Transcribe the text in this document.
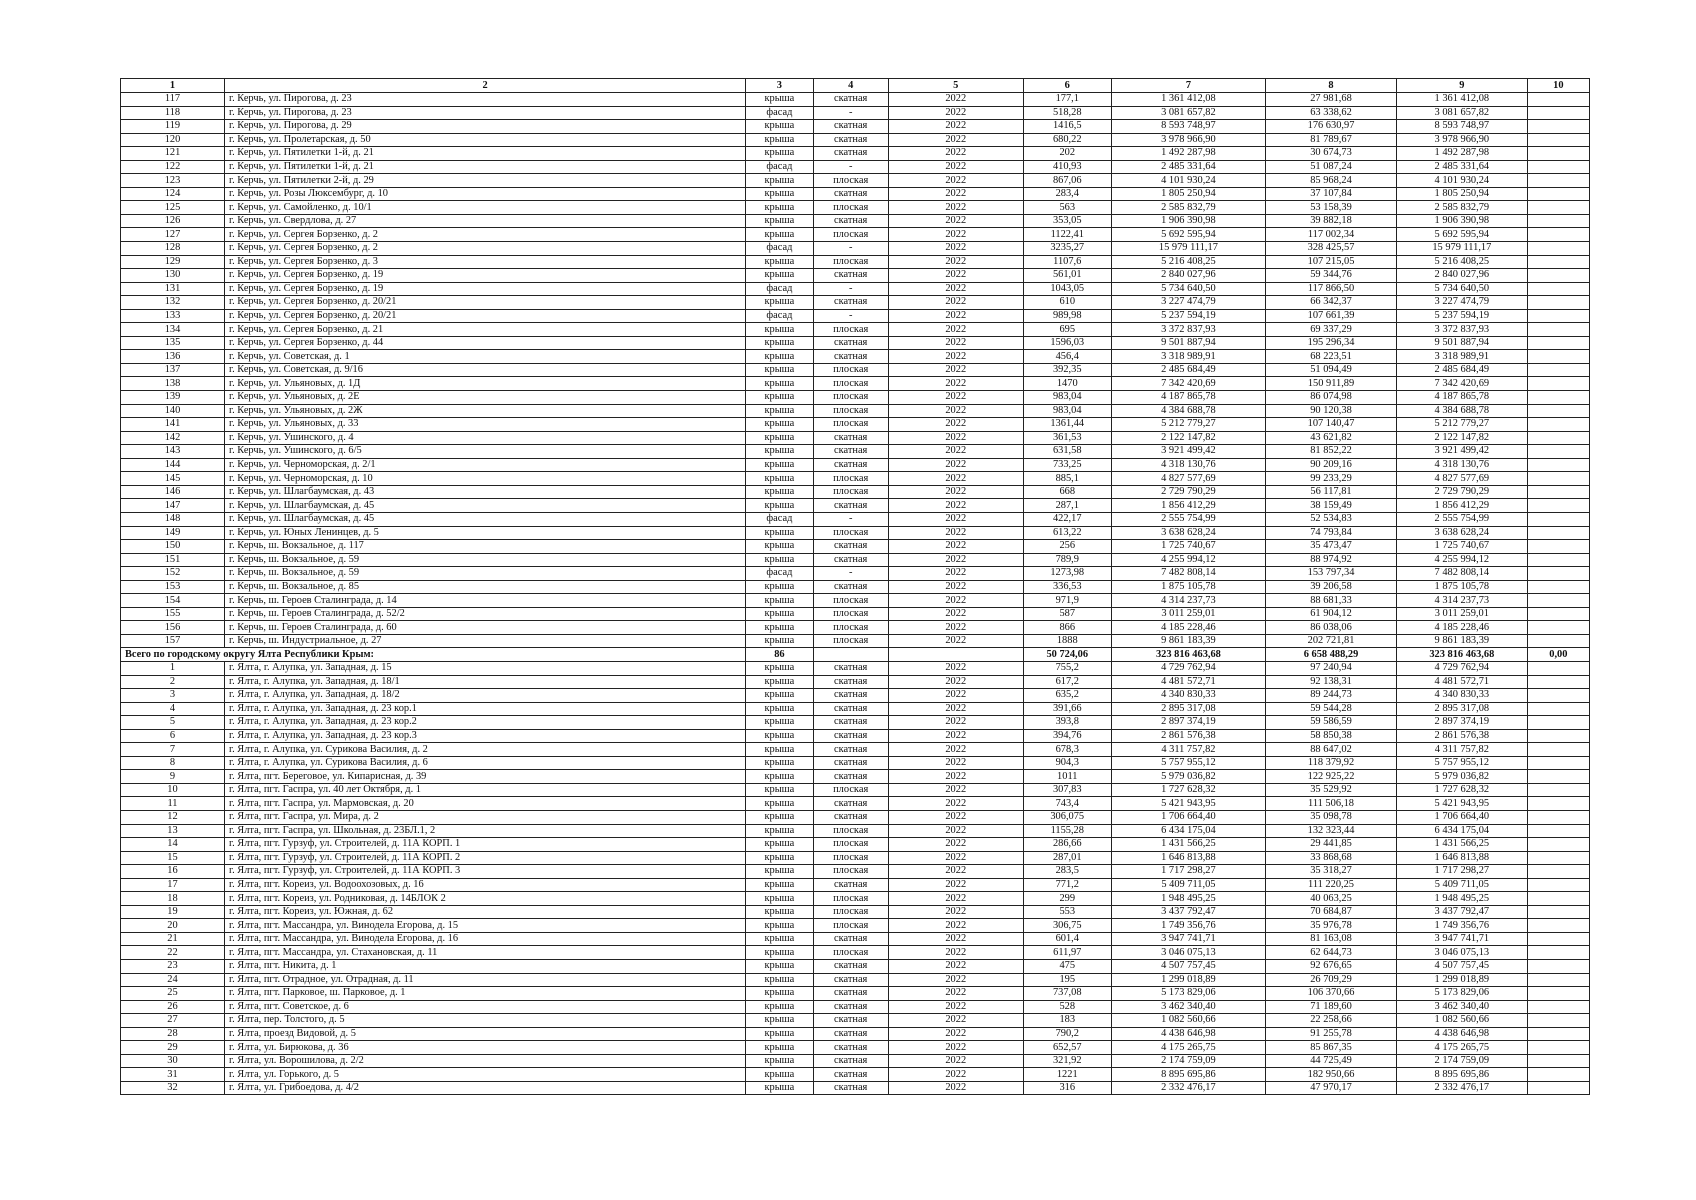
1	2	3	4	5	6	7	8	9	10
117	г. Керчь, ул. Пирогова, д. 23	крыша	скатная	2022	177,1	1 361 412,08	27 981,68	1 361 412,08	
118	г. Керчь, ул. Пирогова, д. 23	фасад	-	2022	518,28	3 081 657,82	63 338,62	3 081 657,82	
119	г. Керчь, ул. Пирогова, д. 29	крыша	скатная	2022	1416,5	8 593 748,97	176 630,97	8 593 748,97	
120	г. Керчь, ул. Пролетарская, д. 50	крыша	скатная	2022	680,22	3 978 966,90	81 789,67	3 978 966,90	
121	г. Керчь, ул. Пятилетки 1-й, д. 21	крыша	скатная	2022	202	1 492 287,98	30 674,73	1 492 287,98	
122	г. Керчь, ул. Пятилетки 1-й, д. 21	фасад	-	2022	410,93	2 485 331,64	51 087,24	2 485 331,64	
123	г. Керчь, ул. Пятилетки 2-й, д. 29	крыша	плоская	2022	867,06	4 101 930,24	85 968,24	4 101 930,24	
124	г. Керчь, ул. Розы Люксембург, д. 10	крыша	скатная	2022	283,4	1 805 250,94	37 107,84	1 805 250,94	
125	г. Керчь, ул. Самойленко, д. 10/1	крыша	плоская	2022	563	2 585 832,79	53 158,39	2 585 832,79	
126	г. Керчь, ул. Свердлова, д. 27	крыша	скатная	2022	353,05	1 906 390,98	39 882,18	1 906 390,98	
127	г. Керчь, ул. Сергея Борзенко, д. 2	крыша	плоская	2022	1122,41	5 692 595,94	117 002,34	5 692 595,94	
128	г. Керчь, ул. Сергея Борзенко, д. 2	фасад	-	2022	3235,27	15 979 111,17	328 425,57	15 979 111,17	
129	г. Керчь, ул. Сергея Борзенко, д. 3	крыша	плоская	2022	1107,6	5 216 408,25	107 215,05	5 216 408,25	
130	г. Керчь, ул. Сергея Борзенко, д. 19	крыша	скатная	2022	561,01	2 840 027,96	59 344,76	2 840 027,96	
131	г. Керчь, ул. Сергея Борзенко, д. 19	фасад	-	2022	1043,05	5 734 640,50	117 866,50	5 734 640,50	
132	г. Керчь, ул. Сергея Борзенко, д. 20/21	крыша	скатная	2022	610	3 227 474,79	66 342,37	3 227 474,79	
133	г. Керчь, ул. Сергея Борзенко, д. 20/21	фасад	-	2022	989,98	5 237 594,19	107 661,39	5 237 594,19	
134	г. Керчь, ул. Сергея Борзенко, д. 21	крыша	плоская	2022	695	3 372 837,93	69 337,29	3 372 837,93	
135	г. Керчь, ул. Сергея Борзенко, д. 44	крыша	скатная	2022	1596,03	9 501 887,94	195 296,34	9 501 887,94	
136	г. Керчь, ул. Советская, д. 1	крыша	скатная	2022	456,4	3 318 989,91	68 223,51	3 318 989,91	
137	г. Керчь, ул. Советская, д. 9/16	крыша	плоская	2022	392,35	2 485 684,49	51 094,49	2 485 684,49	
138	г. Керчь, ул. Ульяновых, д. 1Д	крыша	плоская	2022	1470	7 342 420,69	150 911,89	7 342 420,69	
139	г. Керчь, ул. Ульяновых, д. 2Е	крыша	плоская	2022	983,04	4 187 865,78	86 074,98	4 187 865,78	
140	г. Керчь, ул. Ульяновых, д. 2Ж	крыша	плоская	2022	983,04	4 384 688,78	90 120,38	4 384 688,78	
141	г. Керчь, ул. Ульяновых, д. 33	крыша	плоская	2022	1361,44	5 212 779,27	107 140,47	5 212 779,27	
142	г. Керчь, ул. Ушинского, д. 4	крыша	скатная	2022	361,53	2 122 147,82	43 621,82	2 122 147,82	
143	г. Керчь, ул. Ушинского, д. 6/5	крыша	скатная	2022	631,58	3 921 499,42	81 852,22	3 921 499,42	
144	г. Керчь, ул. Черноморская, д. 2/1	крыша	скатная	2022	733,25	4 318 130,76	90 209,16	4 318 130,76	
145	г. Керчь, ул. Черноморская, д. 10	крыша	плоская	2022	885,1	4 827 577,69	99 233,29	4 827 577,69	
146	г. Керчь, ул. Шлагбаумская, д. 43	крыша	плоская	2022	668	2 729 790,29	56 117,81	2 729 790,29	
147	г. Керчь, ул. Шлагбаумская, д. 45	крыша	скатная	2022	287,1	1 856 412,29	38 159,49	1 856 412,29	
148	г. Керчь, ул. Шлагбаумская, д. 45	фасад	-	2022	422,17	2 555 754,99	52 534,83	2 555 754,99	
149	г. Керчь, ул. Юных Ленинцев, д. 5	крыша	плоская	2022	613,22	3 638 628,24	74 793,84	3 638 628,24	
150	г. Керчь, ш. Вокзальное, д. 117	крыша	скатная	2022	256	1 725 740,67	35 473,47	1 725 740,67	
151	г. Керчь, ш. Вокзальное, д. 59	крыша	скатная	2022	789,9	4 255 994,12	88 974,92	4 255 994,12	
152	г. Керчь, ш. Вокзальное, д. 59	фасад	-	2022	1273,98	7 482 808,14	153 797,34	7 482 808,14	
153	г. Керчь, ш. Вокзальное, д. 85	крыша	скатная	2022	336,53	1 875 105,78	39 206,58	1 875 105,78	
154	г. Керчь, ш. Героев Сталинграда, д. 14	крыша	плоская	2022	971,9	4 314 237,73	88 681,33	4 314 237,73	
155	г. Керчь, ш. Героев Сталинграда, д. 52/2	крыша	плоская	2022	587	3 011 259,01	61 904,12	3 011 259,01	
156	г. Керчь, ш. Героев Сталинграда, д. 60	крыша	плоская	2022	866	4 185 228,46	86 038,06	4 185 228,46	
157	г. Керчь, ш. Индустриальное, д. 27	крыша	плоская	2022	1888	9 861 183,39	202 721,81	9 861 183,39	
Всего по городскому округу Ялта Республики Крым:		86			50 724,06	323 816 463,68	6 658 488,29	323 816 463,68	0,00
1	г. Ялта, г. Алупка, ул. Западная, д. 15	крыша	скатная	2022	755,2	4 729 762,94	97 240,94	4 729 762,94	
2	г. Ялта, г. Алупка, ул. Западная, д. 18/1	крыша	скатная	2022	617,2	4 481 572,71	92 138,31	4 481 572,71	
3	г. Ялта, г. Алупка, ул. Западная, д. 18/2	крыша	скатная	2022	635,2	4 340 830,33	89 244,73	4 340 830,33	
4	г. Ялта, г. Алупка, ул. Западная, д. 23 кор.1	крыша	скатная	2022	391,66	2 895 317,08	59 544,28	2 895 317,08	
5	г. Ялта, г. Алупка, ул. Западная, д. 23 кор.2	крыша	скатная	2022	393,8	2 897 374,19	59 586,59	2 897 374,19	
6	г. Ялта, г. Алупка, ул. Западная, д. 23 кор.3	крыша	скатная	2022	394,76	2 861 576,38	58 850,38	2 861 576,38	
7	г. Ялта, г. Алупка, ул. Сурикова Василия, д. 2	крыша	скатная	2022	678,3	4 311 757,82	88 647,02	4 311 757,82	
8	г. Ялта, г. Алупка, ул. Сурикова Василия, д. 6	крыша	скатная	2022	904,3	5 757 955,12	118 379,92	5 757 955,12	
9	г. Ялта, пгт. Береговое, ул. Кипарисная, д. 39	крыша	скатная	2022	1011	5 979 036,82	122 925,22	5 979 036,82	
10	г. Ялта, пгт. Гаспра, ул. 40 лет Октября, д. 1	крыша	плоская	2022	307,83	1 727 628,32	35 529,92	1 727 628,32	
11	г. Ялта, пгт. Гаспра, ул. Мармовская, д. 20	крыша	скатная	2022	743,4	5 421 943,95	111 506,18	5 421 943,95	
12	г. Ялта, пгт. Гаспра, ул. Мира, д. 2	крыша	скатная	2022	306,075	1 706 664,40	35 098,78	1 706 664,40	
13	г. Ялта, пгт. Гаспра, ул. Школьная, д. 23БЛ.1, 2	крыша	плоская	2022	1155,28	6 434 175,04	132 323,44	6 434 175,04	
14	г. Ялта, пгт. Гурзуф, ул. Строителей, д. 11А КОРП. 1	крыша	плоская	2022	286,66	1 431 566,25	29 441,85	1 431 566,25	
15	г. Ялта, пгт. Гурзуф, ул. Строителей, д. 11А КОРП. 2	крыша	плоская	2022	287,01	1 646 813,88	33 868,68	1 646 813,88	
16	г. Ялта, пгт. Гурзуф, ул. Строителей, д. 11А КОРП. 3	крыша	плоская	2022	283,5	1 717 298,27	35 318,27	1 717 298,27	
17	г. Ялта, пгт. Кореиз, ул. Водоохозовых, д. 16	крыша	скатная	2022	771,2	5 409 711,05	111 220,25	5 409 711,05	
18	г. Ялта, пгт. Кореиз, ул. Родниковая, д. 14БЛОК 2	крыша	плоская	2022	299	1 948 495,25	40 063,25	1 948 495,25	
19	г. Ялта, пгт. Кореиз, ул. Южная, д. 62	крыша	плоская	2022	553	3 437 792,47	70 684,87	3 437 792,47	
20	г. Ялта, пгт. Массандра, ул. Винодела Егорова, д. 15	крыша	плоская	2022	306,75	1 749 356,76	35 976,78	1 749 356,76	
21	г. Ялта, пгт. Массандра, ул. Винодела Егорова, д. 16	крыша	скатная	2022	601,4	3 947 741,71	81 163,08	3 947 741,71	
22	г. Ялта, пгт. Массандра, ул. Стахановская, д. 11	крыша	плоская	2022	611,97	3 046 075,13	62 644,73	3 046 075,13	
23	г. Ялта, пгт. Никита, д. 1	крыша	скатная	2022	475	4 507 757,45	92 676,65	4 507 757,45	
24	г. Ялта, пгт. Отрадное, ул. Отрадная, д. 11	крыша	скатная	2022	195	1 299 018,89	26 709,29	1 299 018,89	
25	г. Ялта, пгт. Парковое, ш. Парковое, д. 1	крыша	скатная	2022	737,08	5 173 829,06	106 370,66	5 173 829,06	
26	г. Ялта, пгт. Советское, д. 6	крыша	скатная	2022	528	3 462 340,40	71 189,60	3 462 340,40	
27	г. Ялта, пер. Толстого, д. 5	крыша	скатная	2022	183	1 082 560,66	22 258,66	1 082 560,66	
28	г. Ялта, проезд Видовой, д. 5	крыша	скатная	2022	790,2	4 438 646,98	91 255,78	4 438 646,98	
29	г. Ялта, ул. Бирюкова, д. 36	крыша	скатная	2022	652,57	4 175 265,75	85 867,35	4 175 265,75	
30	г. Ялта, ул. Ворошилова, д. 2/2	крыша	скатная	2022	321,92	2 174 759,09	44 725,49	2 174 759,09	
31	г. Ялта, ул. Горького, д. 5	крыша	скатная	2022	1221	8 895 695,86	182 950,66	8 895 695,86	
32	г. Ялта, ул. Грибоедова, д. 4/2	крыша	скатная	2022	316	2 332 476,17	47 970,17	2 332 476,17	
